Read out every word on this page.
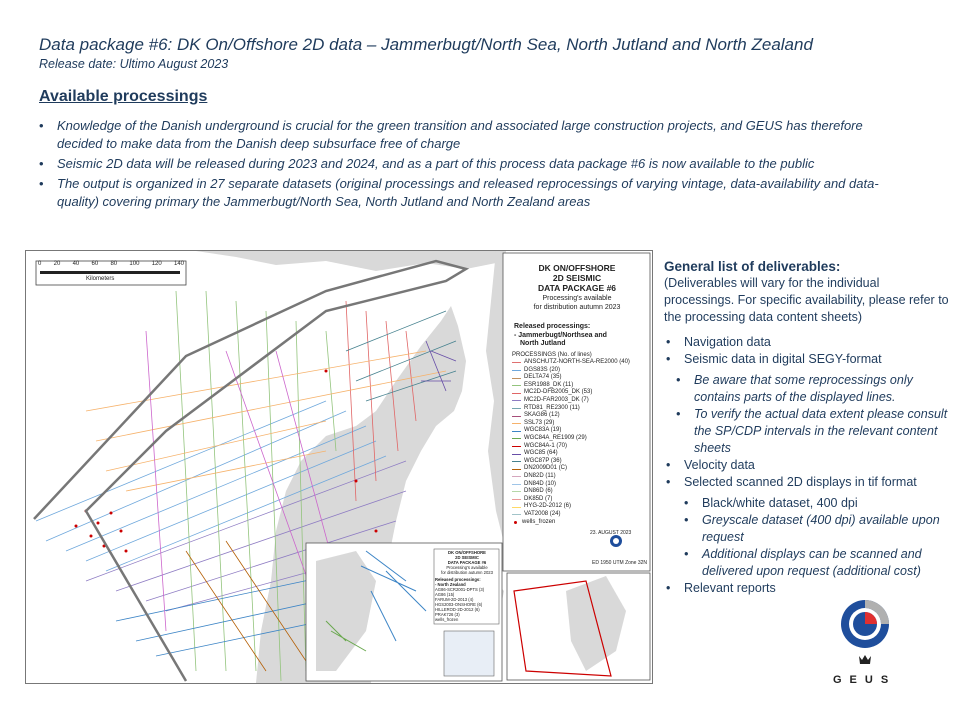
Data package #6: DK On/Offshore 2D data – Jammerbugt/North Sea, North Jutland and North Zealand
Release date: Ultimo August 2023
Available processings
• Knowledge of the Danish underground is crucial for the green transition and associated large construction projects, and GEUS has therefore decided to make data from the Danish deep subsurface free of charge
• Seismic 2D data will be released during 2023 and 2024, and as a part of this process data package #6 is now available to the public
• The output is organized in 27 separate datasets (original processings and released reprocessings of varying vintage, data-availability and data-quality) covering primary the Jammerbugt/North Sea, North Jutland and North Zealand areas
0 20 40 60 80 100 120 140
Kilometers
DK ON/OFFSHORE
2D SEISMIC
DATA PACKAGE #6
Processing's available
for distribution autumn 2023
Released processings:
- Jammerbugt/Northsea and
North Jutland
PROCESSINGS (No. of lines)
ANSCHUTZ-NORTH-SEA-RE2000 (40)
DGS83S (20)
DELTA74 (35)
ESR1988_DK (11)
MC2D-DFB2005_DK (53)
MC2D-FAR2003_DK (7)
RTD81_RE2300 (11)
SKAG86 (12)
SSL73 (29)
WGC83A (19)
WGC84A_RE1909 (29)
WGC84A-1 (70)
WGC85 (64)
WGC87P (36)
DN2009D01 (C)
DN82D (11)
DN84D (10)
DN86D (6)
DK85D (7)
HYG-2D-2012 (6)
VAT2008 (24)
wells_frozen
23. AUGUST 2023
ED 1950 UTM Zone 32N
DK ON/OFFSHORE
2D SEISMIC
DATA PACKAGE #6
Processing's available
for distribution autumn 2023
Released processings:
- North Zealand
AG86-SCR2001-DPTS (3)
AG86 (15)
FARUM-2D-2013 (4)
HGS2003-ONSHORE (6)
HILLEROD-2D-2012 (6)
PRAK726 (3)
wells_frozen
General list of deliverables:
(Deliverables will vary for the individual processings. For specific availability, please refer to the processing data content sheets)
• Navigation data
• Seismic data in digital SEGY-format
• Be aware that some reprocessings only contains parts of the displayed lines.
• To verify the actual data extent please consult the SP/CDP intervals in the relevant content sheets
• Velocity data
• Selected scanned 2D displays in tif format
• Black/white dataset, 400 dpi
• Greyscale dataset (400 dpi) available upon request
• Additional displays can be scanned and delivered upon request (additional cost)
• Relevant reports
GEUS
